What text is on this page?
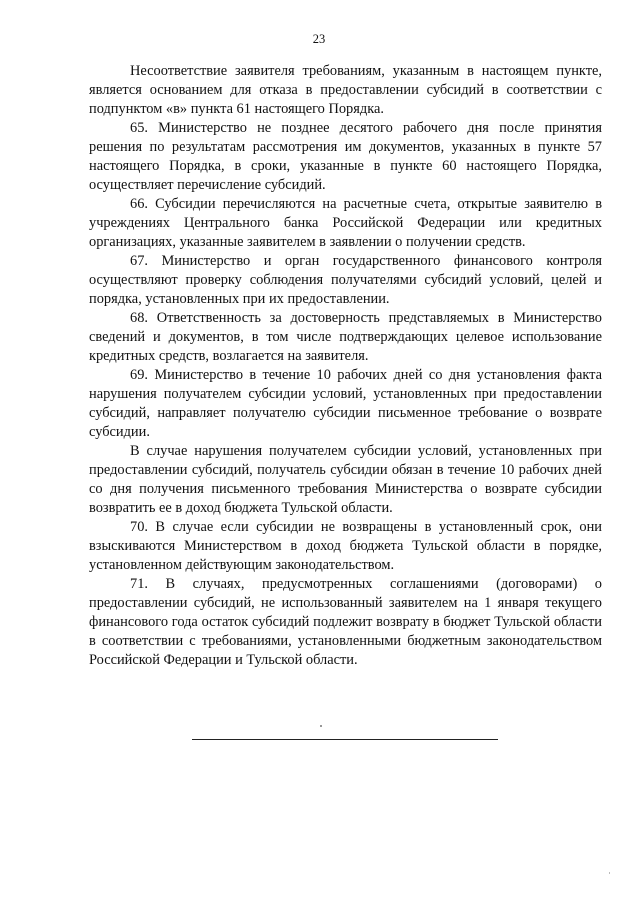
23

Несоответствие заявителя требованиям, указанным в настоящем пункте, является основанием для отказа в предоставлении субсидий в соответствии с подпунктом «в» пункта 61 настоящего Порядка.

65. Министерство не позднее десятого рабочего дня после принятия решения по результатам рассмотрения им документов, указанных в пункте 57 настоящего Порядка, в сроки, указанные в пункте 60 настоящего Порядка, осуществляет перечисление субсидий.

66. Субсидии перечисляются на расчетные счета, открытые заявителю в учреждениях Центрального банка Российской Федерации или кредитных организациях, указанные заявителем в заявлении о получении средств.

67. Министерство и орган государственного финансового контроля осуществляют проверку соблюдения получателями субсидий условий, целей и порядка, установленных при их предоставлении.

68. Ответственность за достоверность представляемых в Министерство сведений и документов, в том числе подтверждающих целевое использование кредитных средств, возлагается на заявителя.

69. Министерство в течение 10 рабочих дней со дня установления факта нарушения получателем субсидии условий, установленных при предоставлении субсидий, направляет получателю субсидии письменное требование о возврате субсидии.

В случае нарушения получателем субсидии условий, установленных при предоставлении субсидий, получатель субсидии обязан в течение 10 рабочих дней со дня получения письменного требования Министерства о возврате субсидии возвратить ее в доход бюджета Тульской области.

70. В случае если субсидии не возвращены в установленный срок, они взыскиваются Министерством в доход бюджета Тульской области в порядке, установленном действующим законодательством.

71. В случаях, предусмотренных соглашениями (договорами) о предоставлении субсидий, не использованный заявителем на 1 января текущего финансового года остаток субсидий подлежит возврату в бюджет Тульской области в соответствии с требованиями, установленными бюджетным законодательством Российской Федерации и Тульской области.
